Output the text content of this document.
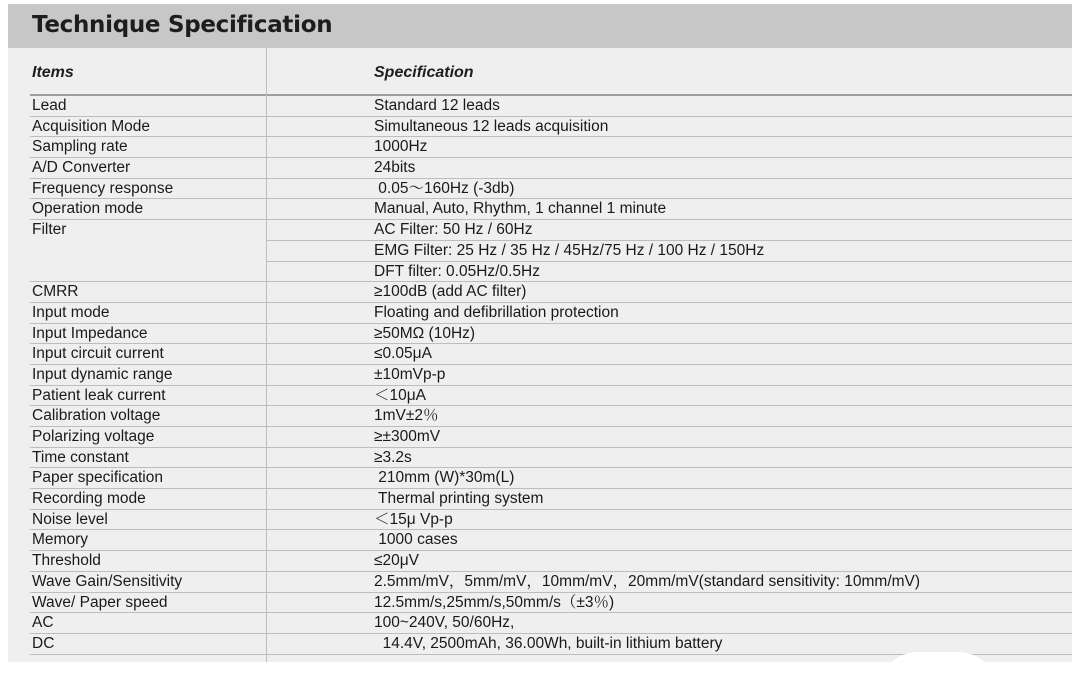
Technique Specification
Items	Specification
Lead	Standard 12 leads
Acquisition Mode	Simultaneous 12 leads acquisition
Sampling rate	1000Hz
A/D Converter	24bits
Frequency response	0.05～160Hz (-3db)
Operation mode	Manual, Auto, Rhythm, 1 channel 1 minute
Filter	AC Filter: 50 Hz / 60Hz
EMG Filter: 25 Hz / 35 Hz / 45Hz/75 Hz / 100 Hz / 150Hz
DFT filter: 0.05Hz/0.5Hz
CMRR	≥100dB (add AC filter)
Input mode	Floating and defibrillation protection
Input Impedance	≥50MΩ (10Hz)
Input circuit current	≤0.05μA
Input dynamic range	±10mVp-p
Patient leak current	＜10μA
Calibration voltage	1mV±2％
Polarizing voltage	≥±300mV
Time constant	≥3.2s
Paper specification	210mm (W)*30m(L)
Recording mode	Thermal printing system
Noise level	＜15μ Vp-p
Memory	1000 cases
Threshold	≤20μV
Wave Gain/Sensitivity	2.5mm/mV，5mm/mV，10mm/mV，20mm/mV(standard sensitivity: 10mm/mV)
Wave/ Paper speed	12.5mm/s,25mm/s,50mm/s（±3％)
AC	100~240V, 50/60Hz,
DC	14.4V, 2500mAh, 36.00Wh, built-in lithium battery
